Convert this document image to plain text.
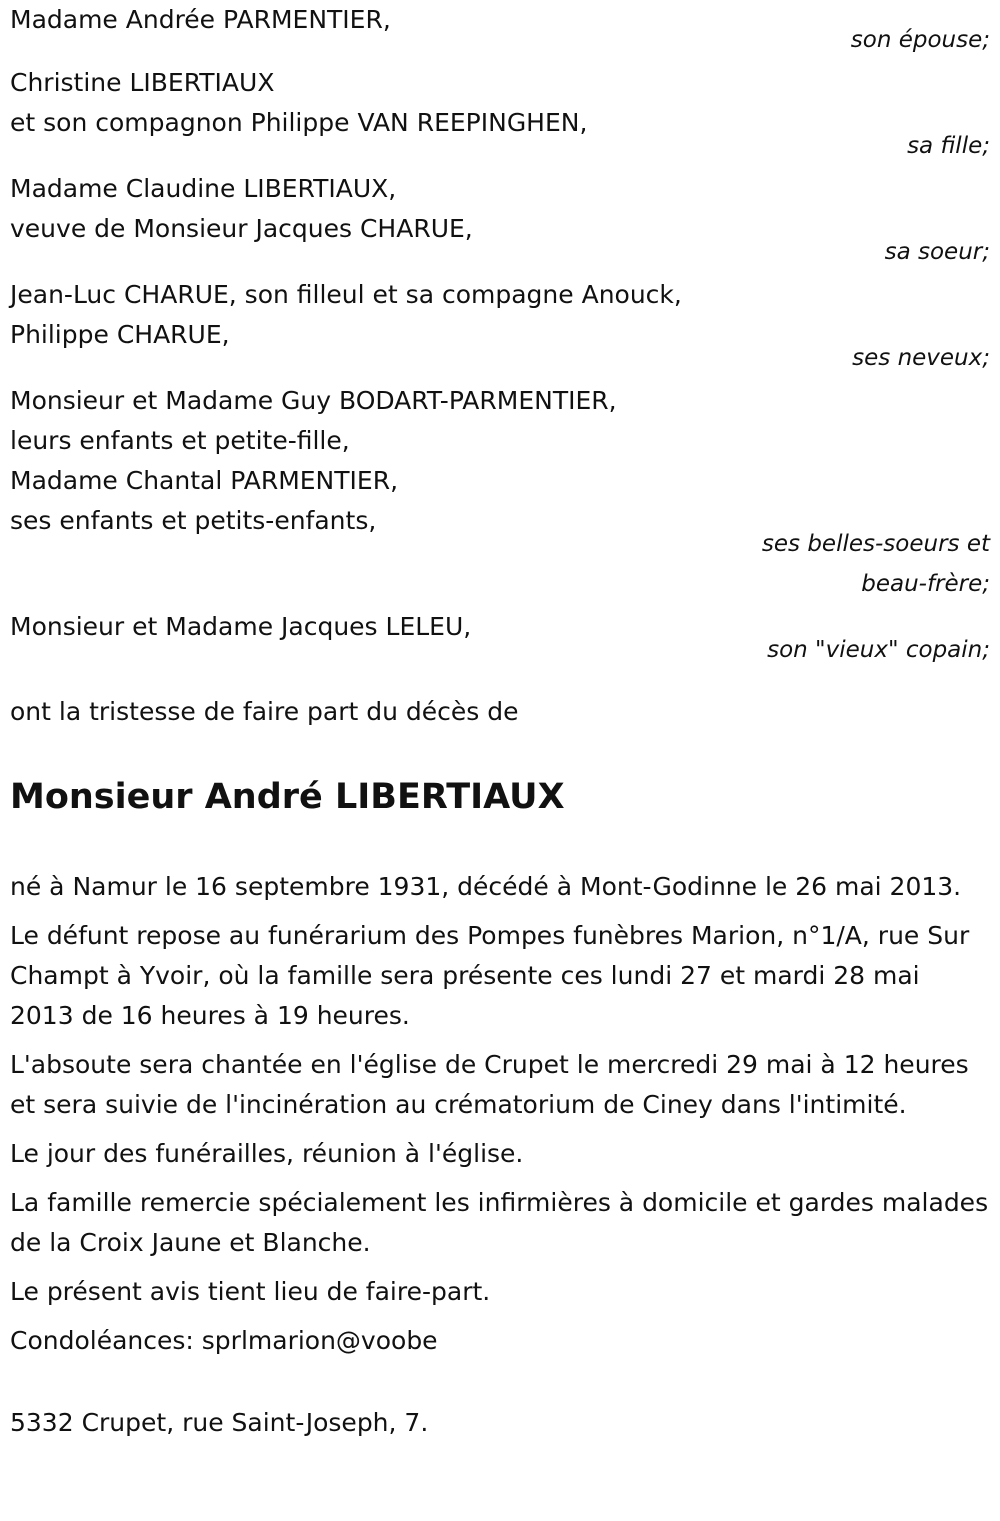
Madame Andrée PARMENTIER,
son épouse;
Christine LIBERTIAUX
et son compagnon Philippe VAN REEPINGHEN,
sa fille;
Madame Claudine LIBERTIAUX,
veuve de Monsieur Jacques CHARUE,
sa soeur;
Jean-Luc CHARUE, son filleul et sa compagne Anouck,
Philippe CHARUE,
ses neveux;
Monsieur et Madame Guy BODART-PARMENTIER,
leurs enfants et petite-fille,
Madame Chantal PARMENTIER,
ses enfants et petits-enfants,
ses belles-soeurs et
beau-frère;
Monsieur et Madame Jacques LELEU,
son "vieux" copain;
ont la tristesse de faire part du décès de
Monsieur André LIBERTIAUX
né à Namur le 16 septembre 1931, décédé à Mont-Godinne le 26 mai 2013.
Le défunt repose au funérarium des Pompes funèbres Marion, n°1/A, rue Sur Champt à Yvoir, où la famille sera présente ces lundi 27 et mardi 28 mai 2013 de 16 heures à 19 heures.
L'absoute sera chantée en l'église de Crupet le mercredi 29 mai à 12 heures et sera suivie de l'incinération au crématorium de Ciney dans l'intimité.
Le jour des funérailles, réunion à l'église.
La famille remercie spécialement les infirmières à domicile et gardes malades de la Croix Jaune et Blanche.
Le présent avis tient lieu de faire-part.
Condoléances: sprlmarion@voobe
5332 Crupet, rue Saint-Joseph, 7.
